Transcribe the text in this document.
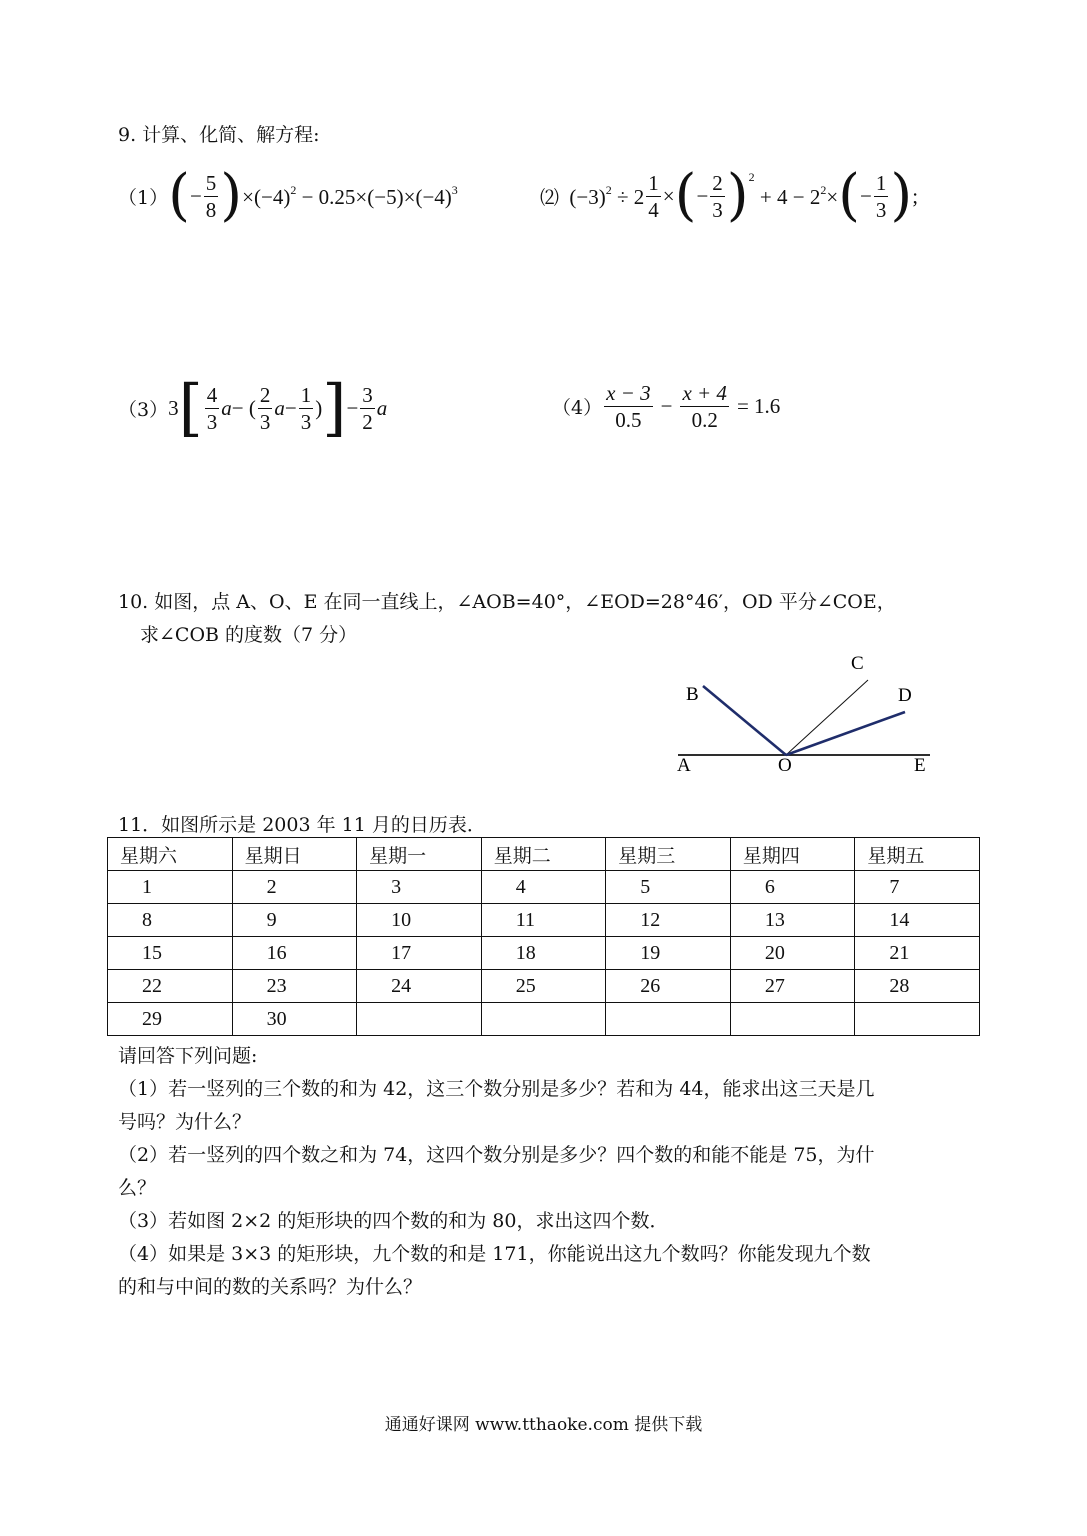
9. 计算、化简、解方程:
（1） ( − $\frac{5}{8}$ ) $\times(-4)^2 - 0.25\times(-5)\times(-4)^3$	⑵
$(-3)^2 \div 2 \frac{1}{4}$ × ( − $\frac{2}{3}$ ) $^2$
+ $4 - 2^2\times$ ( − $\frac{1}{3}$ ) ;
（3） 3 [ $\frac{4}{3}$ a − ( $\frac{2}{3}$ $a - \frac{1}{3}$ ) ] − $\frac{3}{2}$ a	$(4) \frac{x - 3}{0.5} - \frac{x + 4}{0.2} = 1.6$
10. 如图，点 A、O、E 在同一直线上，∠AOB=40°，∠EOD=28°46′，OD 平分∠COE，
求∠COB 的度数（7 分）
B
C
D
A	O	E
11．如图所示是 2003 年 11 月的日历表．
星期六	星期日	星期一	星期二	星期三	星期四	星期五
1	2	3	4	5	6	7
8	9	10	11	12	13	14
15	16	17	18	19	20	21
22	23	24	25	26	27	28
29	30					
请回答下列问题:
（1）若一竖列的三个数的和为 42，这三个数分别是多少？若和为 44，能求出这三天是几
号吗？为什么？
（2）若一竖列的四个数之和为 74，这四个数分别是多少？四个数的和能不能是 75，为什
么？
（3）若如图 2×2 的矩形块的四个数的和为 80，求出这四个数．
（4）如果是 3×3 的矩形块，九个数的和是 171，你能说出这九个数吗？你能发现九个数
的和与中间的数的关系吗？为什么？
通通好课网 www.tthaoke.com 提供下载
